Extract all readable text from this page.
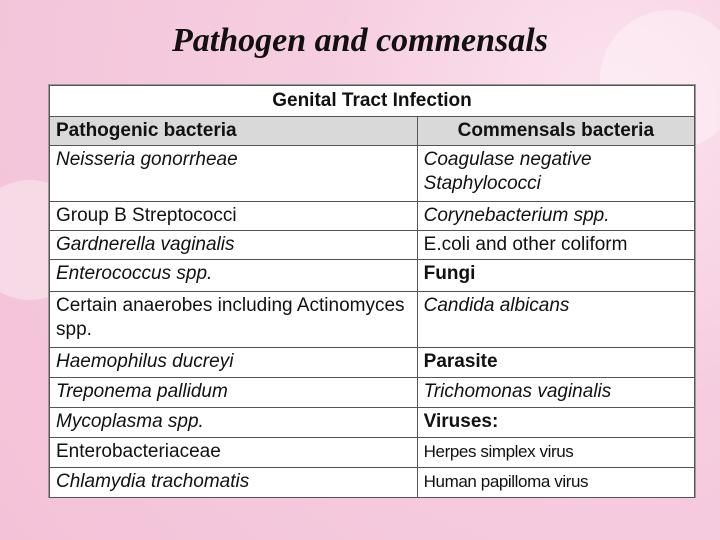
Pathogen and commensals
Genital Tract Infection	
Pathogenic bacteria	Commensals bacteria
Neisseria gonorrheae	Coagulase negative Staphylococci
Group B Streptococci	Corynebacterium spp.
Gardnerella vaginalis	E.coli and other coliform
Enterococcus spp.	Fungi
Certain anaerobes including Actinomyces spp.	Candida albicans
Haemophilus ducreyi	Parasite
Treponema pallidum	Trichomonas vaginalis
Mycoplasma spp.	Viruses:
Enterobacteriaceae	Herpes simplex virus
Chlamydia trachomatis	Human papilloma virus
